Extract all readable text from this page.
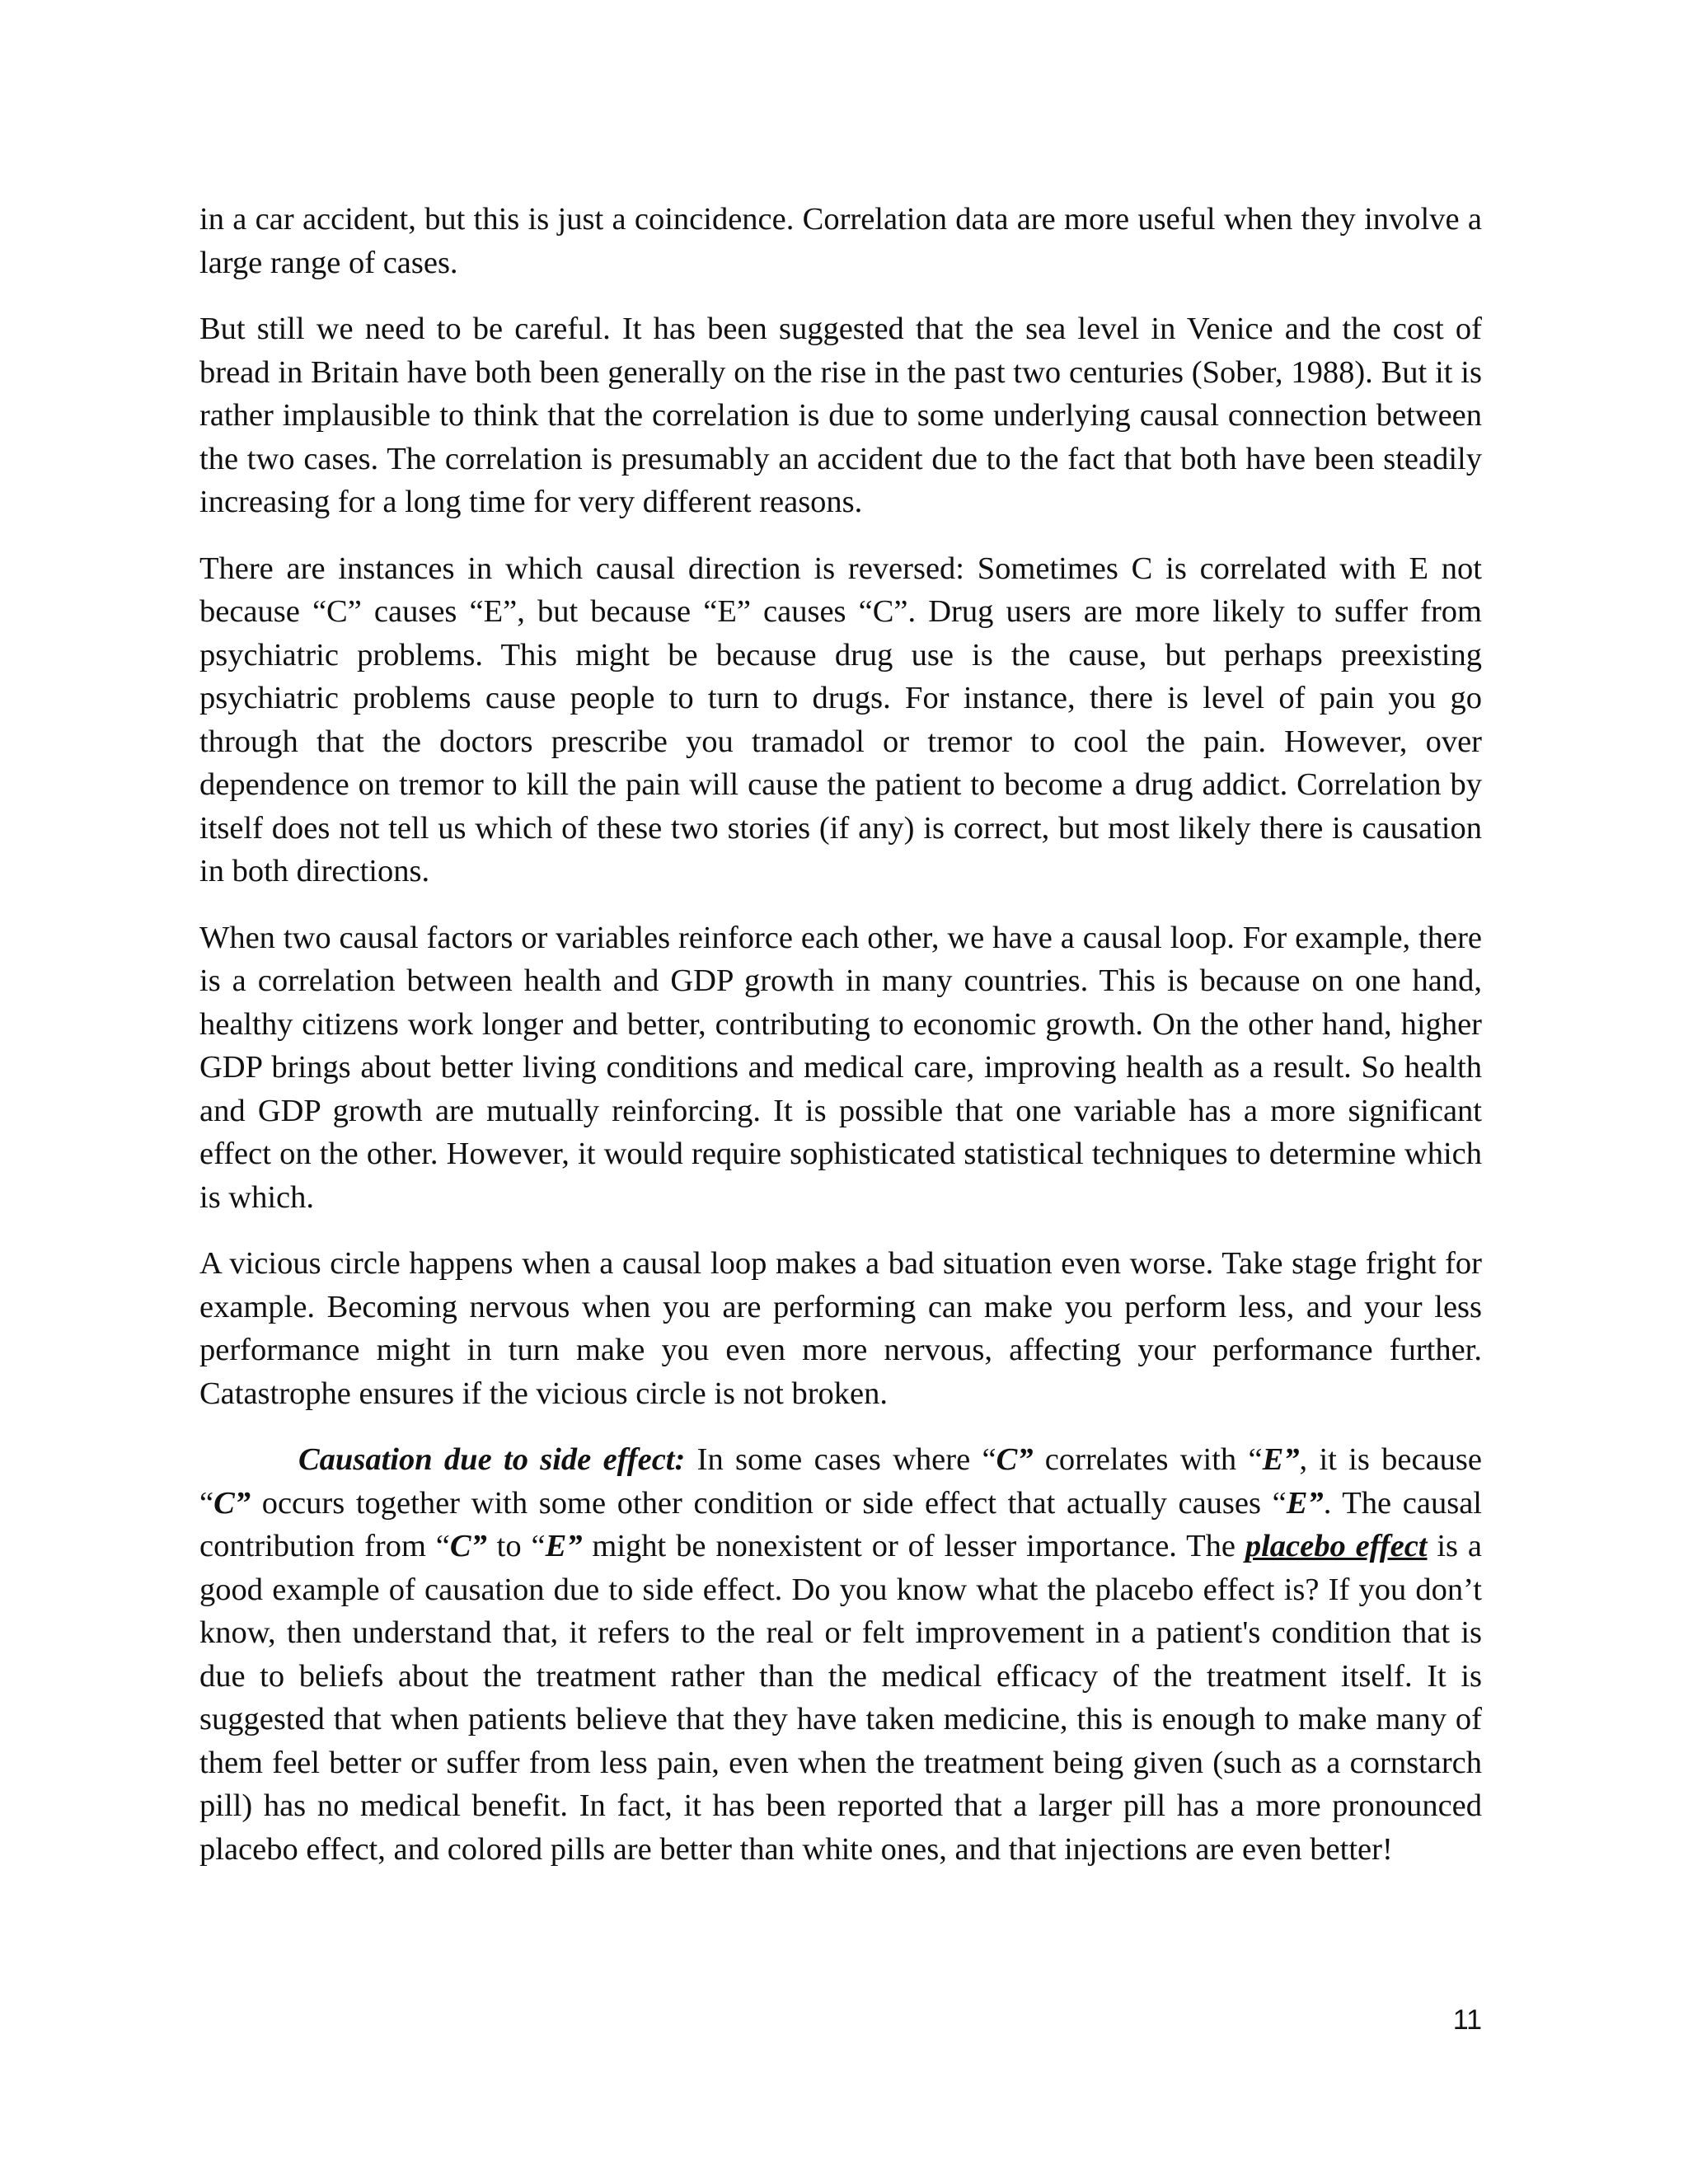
in a car accident, but this is just a coincidence. Correlation data are more useful when they involve a large range of cases.

But still we need to be careful. It has been suggested that the sea level in Venice and the cost of bread in Britain have both been generally on the rise in the past two centuries (Sober, 1988). But it is rather implausible to think that the correlation is due to some underlying causal connection between the two cases. The correlation is presumably an accident due to the fact that both have been steadily increasing for a long time for very different reasons.

There are instances in which causal direction is reversed: Sometimes C is correlated with E not because “C” causes “E”, but because “E” causes “C”. Drug users are more likely to suffer from psychiatric problems. This might be because drug use is the cause, but perhaps preexisting psychiatric problems cause people to turn to drugs. For instance, there is level of pain you go through that the doctors prescribe you tramadol or tremor to cool the pain. However, over dependence on tremor to kill the pain will cause the patient to become a drug addict. Correlation by itself does not tell us which of these two stories (if any) is correct, but most likely there is causation in both directions.

When two causal factors or variables reinforce each other, we have a causal loop. For example, there is a correlation between health and GDP growth in many countries. This is because on one hand, healthy citizens work longer and better, contributing to economic growth. On the other hand, higher GDP brings about better living conditions and medical care, improving health as a result. So health and GDP growth are mutually reinforcing. It is possible that one variable has a more significant effect on the other. However, it would require sophisticated statistical techniques to determine which is which.

A vicious circle happens when a causal loop makes a bad situation even worse. Take stage fright for example. Becoming nervous when you are performing can make you perform less, and your less performance might in turn make you even more nervous, affecting your performance further. Catastrophe ensures if the vicious circle is not broken.

Causation due to side effect: In some cases where “C” correlates with “E”, it is because “C” occurs together with some other condition or side effect that actually causes “E”. The causal contribution from “C” to “E” might be nonexistent or of lesser importance. The placebo effect is a good example of causation due to side effect. Do you know what the placebo effect is? If you don’t know, then understand that, it refers to the real or felt improvement in a patient's condition that is due to beliefs about the treatment rather than the medical efficacy of the treatment itself. It is suggested that when patients believe that they have taken medicine, this is enough to make many of them feel better or suffer from less pain, even when the treatment being given (such as a cornstarch pill) has no medical benefit. In fact, it has been reported that a larger pill has a more pronounced placebo effect, and colored pills are better than white ones, and that injections are even better!

11
